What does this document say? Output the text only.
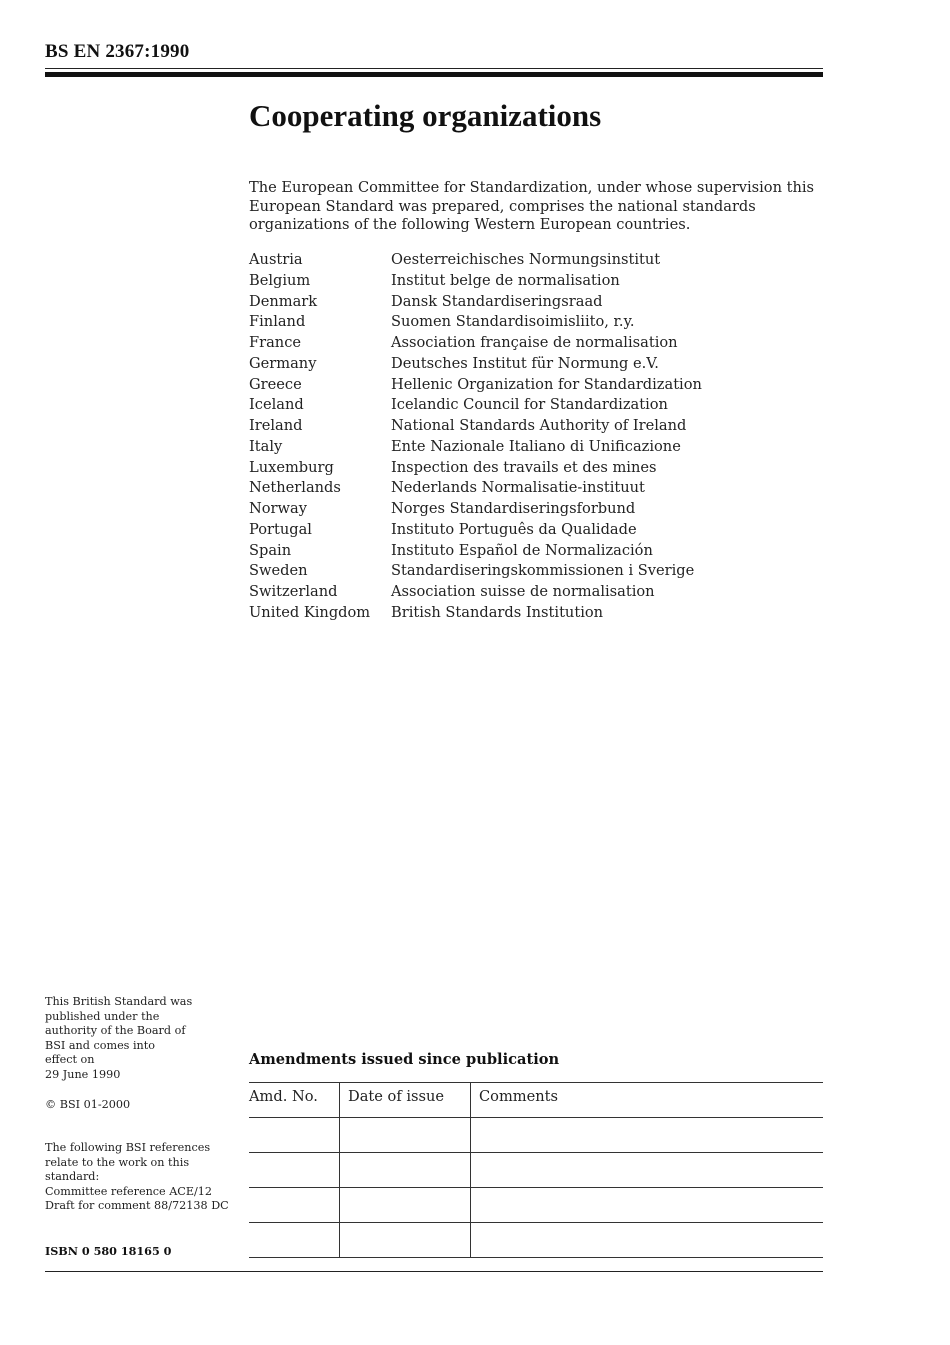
BS EN 2367:1990
Cooperating organizations
The European Committee for Standardization, under whose supervision this European Standard was prepared, comprises the national standards organizations of the following Western European countries.
Austria	Oesterreichisches Normungsinstitut
Belgium	Institut belge de normalisation
Denmark	Dansk Standardiseringsraad
Finland	Suomen Standardisoimisliito, r.y.
France	Association française de normalisation
Germany	Deutsches Institut für Normung e.V.
Greece	Hellenic Organization for Standardization
Iceland	Icelandic Council for Standardization
Ireland	National Standards Authority of Ireland
Italy	Ente Nazionale Italiano di Unificazione
Luxemburg	Inspection des travails et des mines
Netherlands	Nederlands Normalisatie-instituut
Norway	Norges Standardiseringsforbund
Portugal	Instituto Português da Qualidade
Spain	Instituto Español de Normalización
Sweden	Standardiseringskommissionen i Sverige
Switzerland	Association suisse de normalisation
United Kingdom	British Standards Institution
This British Standard was
published under the
authority of the Board of
BSI and comes into
effect on
29 June 1990
© BSI 01-2000
The following BSI references
relate to the work on this
standard:
Committee reference ACE/12
Draft for comment 88/72138 DC
ISBN 0 580 18165 0
Amendments issued since publication
Amd. No.	Date of issue	Comments
